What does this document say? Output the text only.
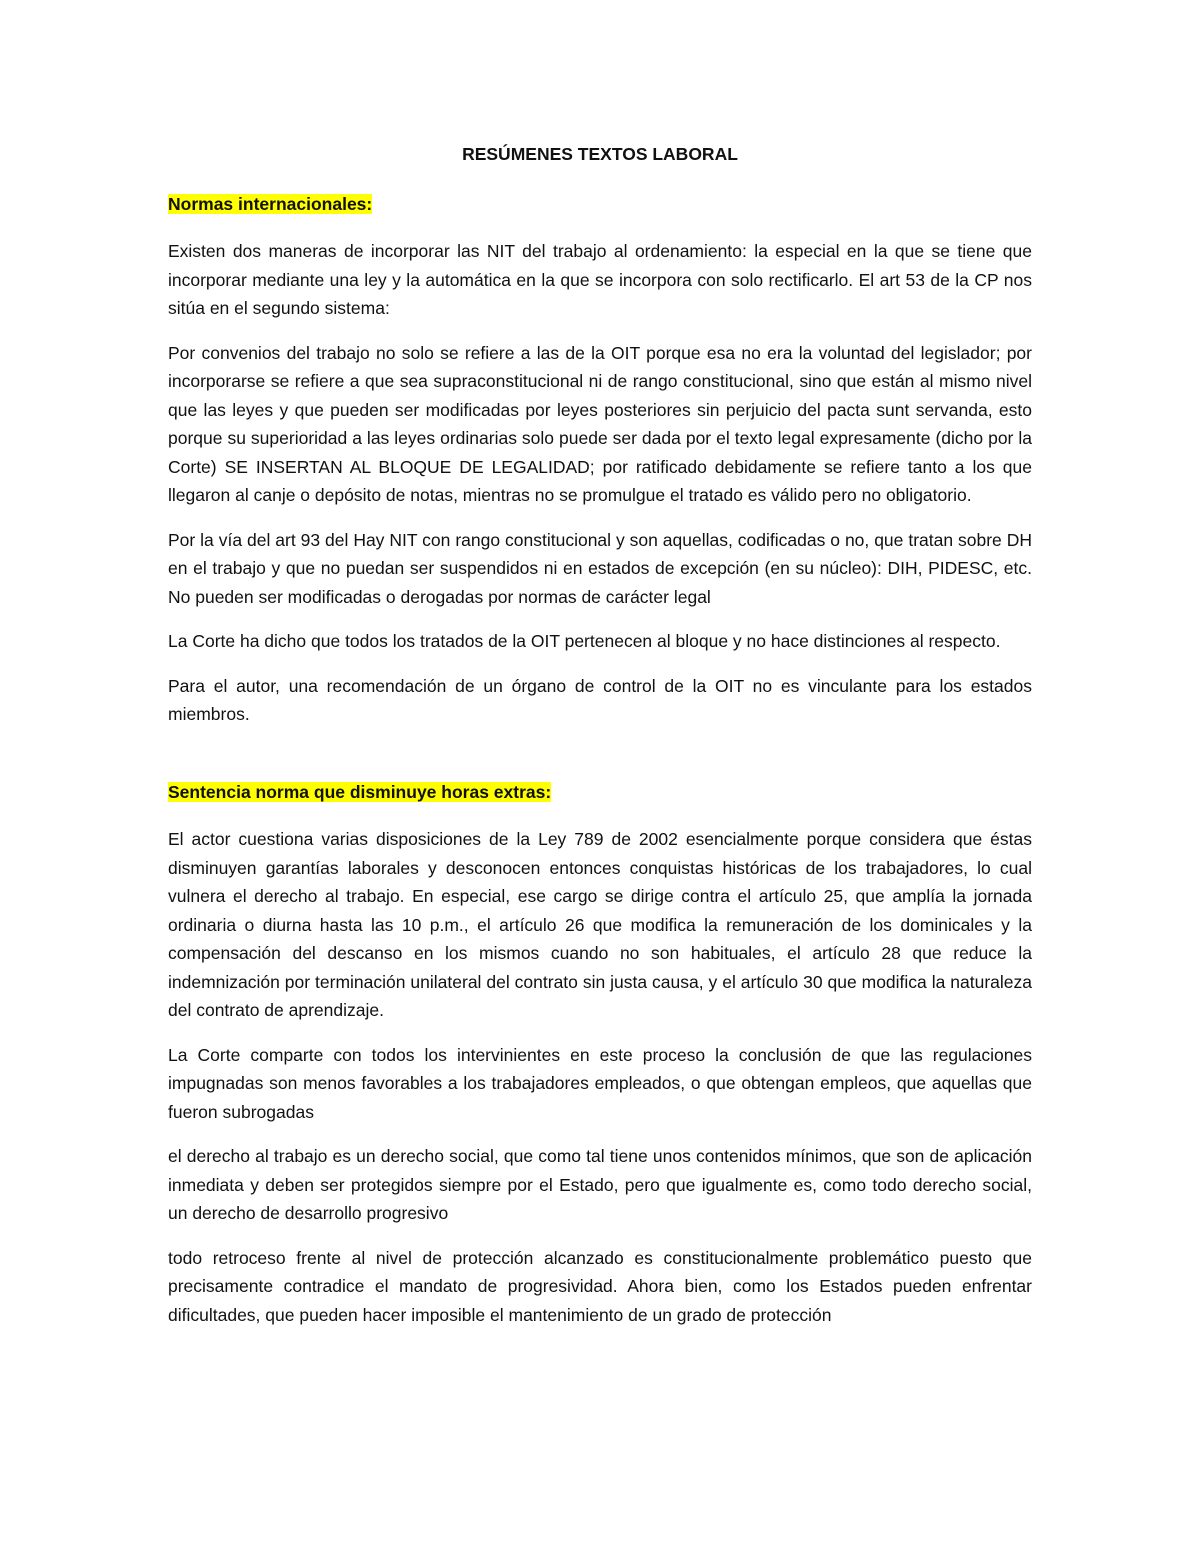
RESÚMENES TEXTOS LABORAL
Normas internacionales:

Existen dos maneras de incorporar las NIT del trabajo al ordenamiento: la especial en la que se tiene que incorporar mediante una ley y la automática en la que se incorpora con solo rectificarlo. El art 53 de la CP nos sitúa en el segundo sistema:

Por convenios del trabajo no solo se refiere a las de la OIT porque esa no era la voluntad del legislador; por incorporarse se refiere a que sea supraconstitucional ni de rango constitucional, sino que están al mismo nivel que las leyes y que pueden ser modificadas por leyes posteriores sin perjuicio del pacta sunt servanda, esto porque su superioridad a las leyes ordinarias solo puede ser dada por el texto legal expresamente (dicho por la Corte) SE INSERTAN AL BLOQUE DE LEGALIDAD; por ratificado debidamente se refiere tanto a los que llegaron al canje o depósito de notas, mientras no se promulgue el tratado es válido pero no obligatorio.

Por la vía del art 93 del Hay NIT con rango constitucional y son aquellas, codificadas o no, que tratan sobre DH en el trabajo y que no puedan ser suspendidos ni en estados de excepción (en su núcleo): DIH, PIDESC, etc. No pueden ser modificadas o derogadas por normas de carácter legal

La Corte ha dicho que todos los tratados de la OIT pertenecen al bloque y no hace distinciones al respecto.

Para el autor, una recomendación de un órgano de control de la OIT no es vinculante para los estados miembros.

Sentencia norma que disminuye horas extras:

El actor cuestiona varias disposiciones de la Ley 789 de 2002 esencialmente porque considera que éstas disminuyen garantías laborales y desconocen entonces conquistas históricas de los trabajadores, lo cual vulnera el derecho al trabajo. En especial, ese cargo se dirige contra el artículo 25, que amplía la jornada ordinaria o diurna hasta las 10 p.m., el artículo 26 que modifica la remuneración de los dominicales y la compensación del descanso en los mismos cuando no son habituales, el artículo 28 que reduce la indemnización por terminación unilateral del contrato sin justa causa, y el artículo 30 que modifica la naturaleza del contrato de aprendizaje.

La Corte comparte con todos los intervinientes en este proceso la conclusión de que las regulaciones impugnadas son menos favorables a los trabajadores empleados, o que obtengan empleos, que aquellas que fueron subrogadas

el derecho al trabajo es un derecho social, que como tal tiene unos contenidos mínimos, que son de aplicación inmediata y deben ser protegidos siempre por el Estado, pero que igualmente es, como todo derecho social, un derecho de desarrollo progresivo

todo retroceso frente al nivel de protección alcanzado es constitucionalmente problemático puesto que precisamente contradice el mandato de progresividad. Ahora bien, como los Estados pueden enfrentar dificultades, que pueden hacer imposible el mantenimiento de un grado de protección
